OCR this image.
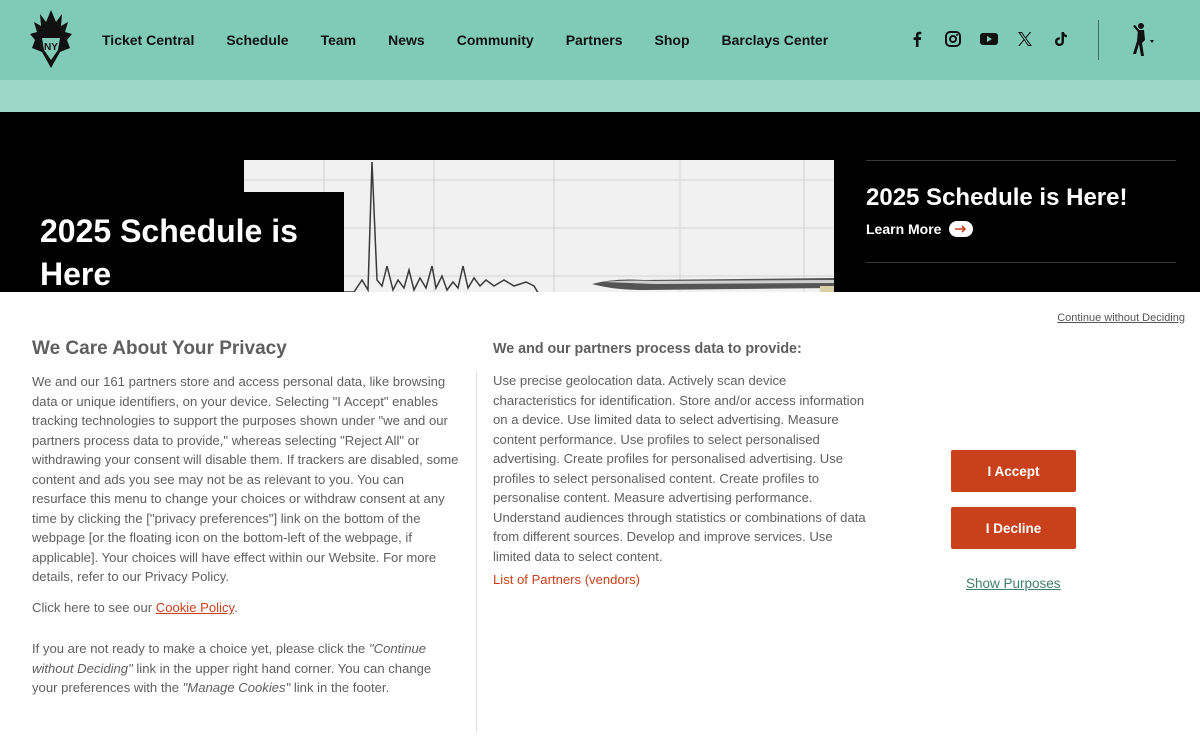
NY	Ticket Central Schedule Team News Community Partners Shop Barclays Center
2025 Schedule is Here
2025 Schedule is Here!
Learn More
Continue without Deciding
We Care About Your Privacy

We and our 161 partners store and access personal data, like browsing data or unique identifiers, on your device. Selecting "I Accept" enables tracking technologies to support the purposes shown under "we and our partners process data to provide," whereas selecting "Reject All" or withdrawing your consent will disable them. If trackers are disabled, some content and ads you see may not be as relevant to you. You can resurface this menu to change your choices or withdraw consent at any time by clicking the ["privacy preferences"] link on the bottom of the webpage [or the floating icon on the bottom-left of the webpage, if applicable]. Your choices will have effect within our Website. For more details, refer to our Privacy Policy.

Click here to see our Cookie Policy.

If you are not ready to make a choice yet, please click the "Continue without Deciding" link in the upper right hand corner. You can change your preferences with the "Manage Cookies" link in the footer.

We and our partners process data to provide:

Use precise geolocation data. Actively scan device characteristics for identification. Store and/or access information on a device. Use limited data to select advertising. Measure content performance. Use profiles to select personalised advertising. Create profiles for personalised advertising. Use profiles to select personalised content. Create profiles to personalise content. Measure advertising performance. Understand audiences through statistics or combinations of data from different sources. Develop and improve services. Use limited data to select content.

List of Partners (vendors)
I Accept
I Decline
Show Purposes
